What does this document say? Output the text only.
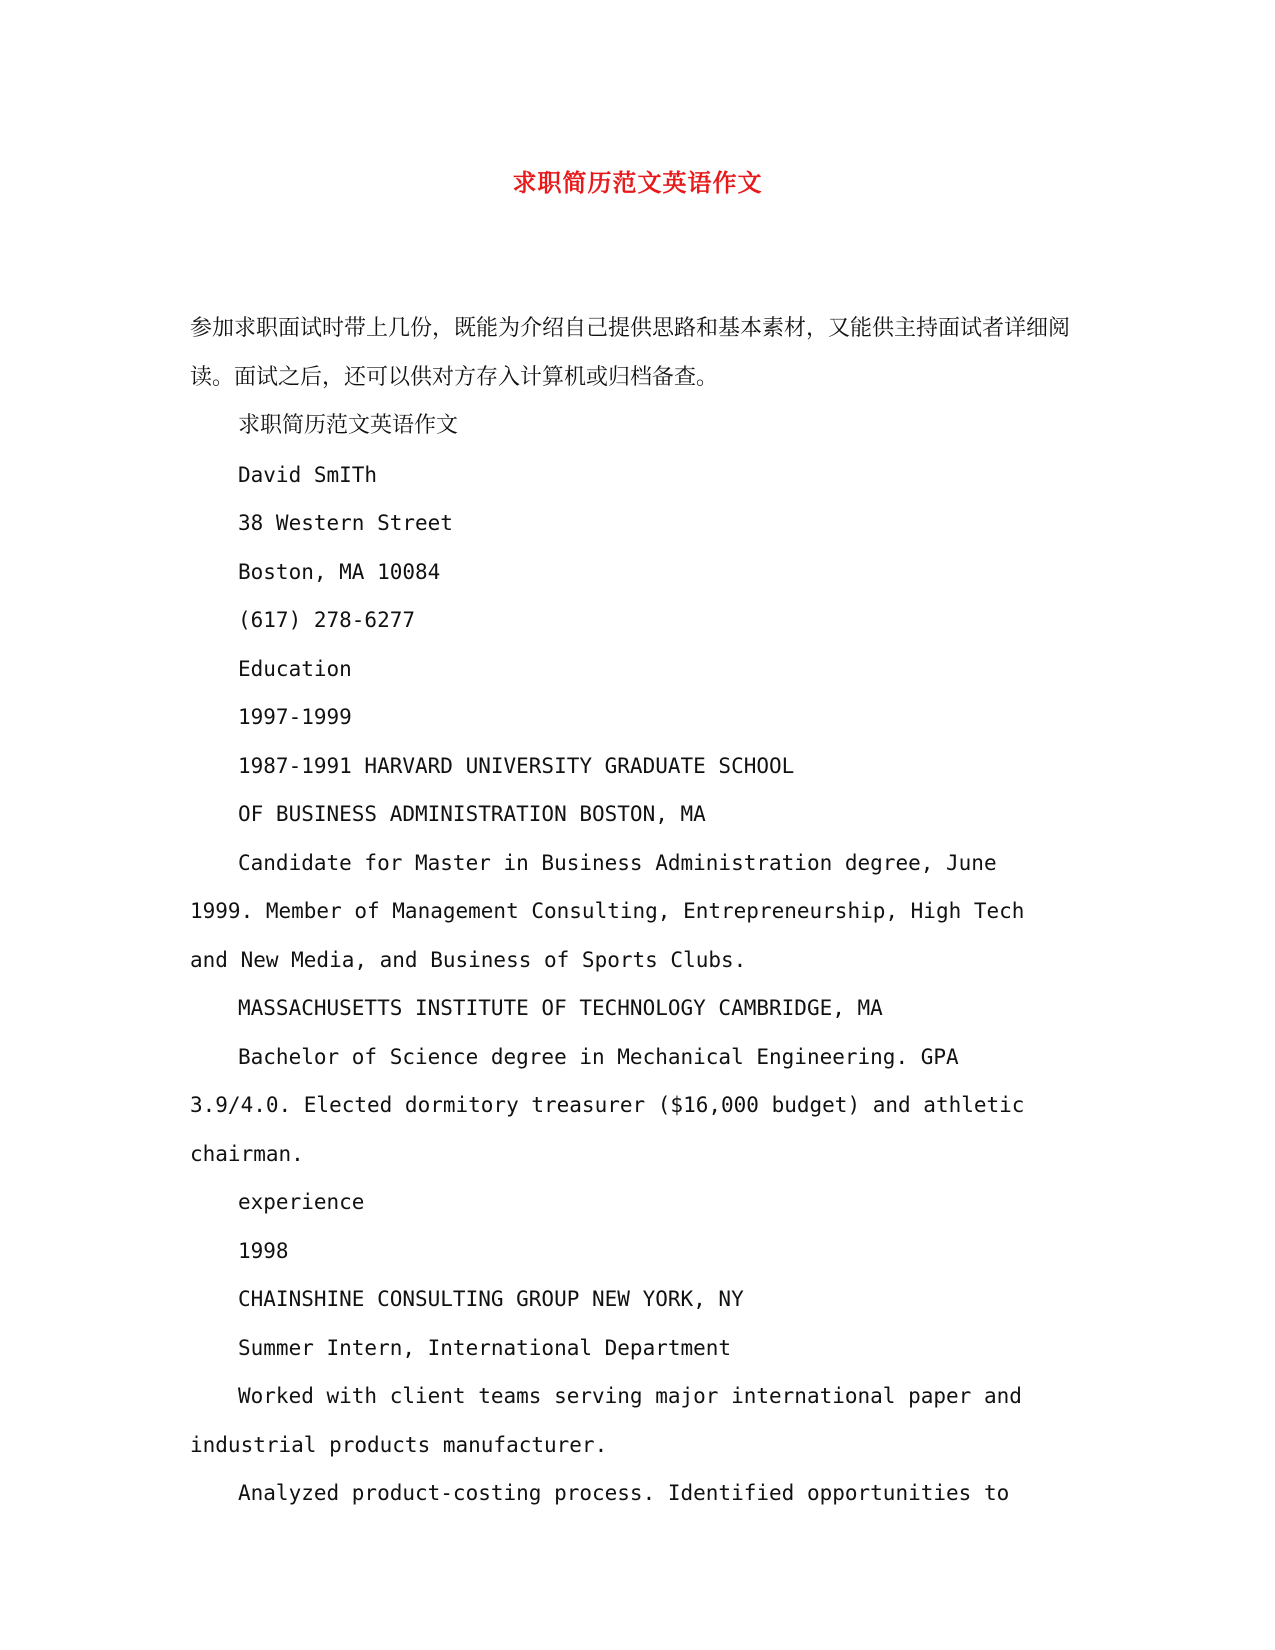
求职简历范文英语作文

参加求职面试时带上几份，既能为介绍自己提供思路和基本素材，又能供主持面试者详细阅读。面试之后，还可以供对方存入计算机或归档备查。

求职简历范文英语作文

David SmITh

38 Western Street

Boston, MA 10084

(617) 278-6277

Education

1997-1999

1987-1991 HARVARD UNIVERSITY GRADUATE SCHOOL

OF BUSINESS ADMINISTRATION BOSTON, MA

Candidate for Master in Business Administration degree, June 1999. Member of Management Consulting, Entrepreneurship, High Tech and New Media, and Business of Sports Clubs.

MASSACHUSETTS INSTITUTE OF TECHNOLOGY CAMBRIDGE, MA

Bachelor of Science degree in Mechanical Engineering. GPA 3.9/4.0. Elected dormitory treasurer ($16,000 budget) and athletic chairman.

experience

1998

CHAINSHINE CONSULTING GROUP NEW YORK, NY

Summer Intern, International Department

Worked with client teams serving major international paper and industrial products manufacturer.

Analyzed product-costing process. Identified opportunities to
